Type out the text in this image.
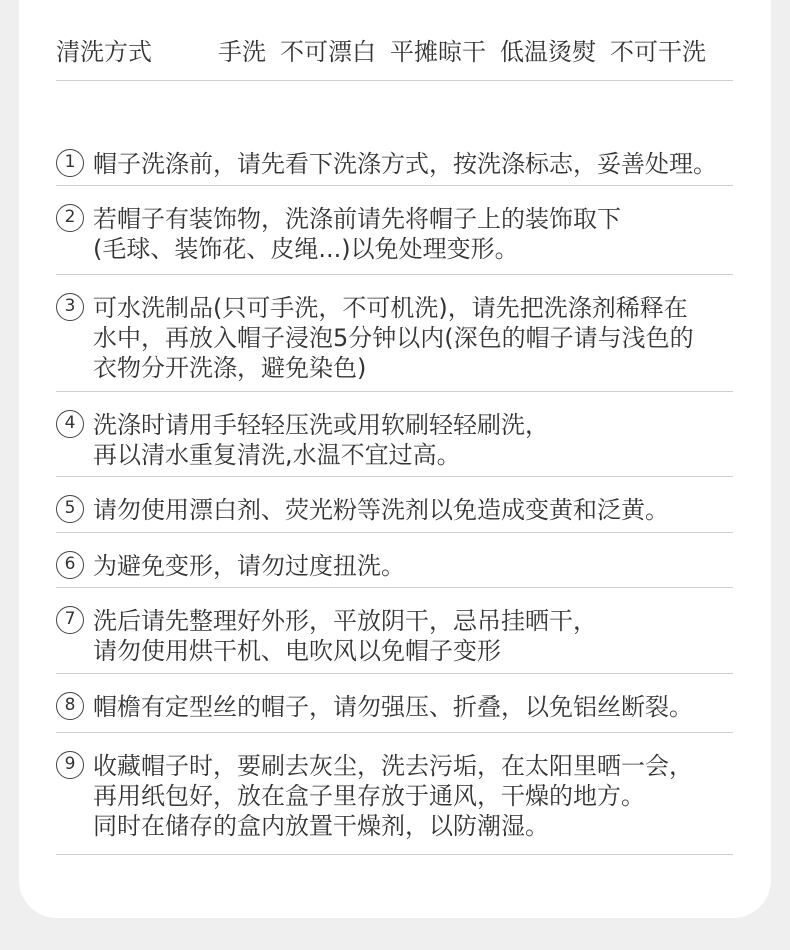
清洗方式	手洗 不可漂白 平摊晾干 低温烫熨 不可干洗
1 帽子洗涤前，请先看下洗涤方式，按洗涤标志，妥善处理。
2 若帽子有装饰物，洗涤前请先将帽子上的装饰取下
(毛球、装饰花、皮绳...)以免处理变形。
3 可水洗制品(只可手洗，不可机洗)，请先把洗涤剂稀释在
水中，再放入帽子浸泡5分钟以内(深色的帽子请与浅色的
衣物分开洗涤，避免染色)
4 洗涤时请用手轻轻压洗或用软刷轻轻刷洗，
再以清水重复清洗,水温不宜过高。
5 请勿使用漂白剂、荧光粉等洗剂以免造成变黄和泛黄。
6 为避免变形，请勿过度扭洗。
7 洗后请先整理好外形，平放阴干，忌吊挂晒干，
请勿使用烘干机、电吹风以免帽子变形
8 帽檐有定型丝的帽子，请勿强压、折叠，以免铝丝断裂。
9 收藏帽子时，要刷去灰尘，洗去污垢，在太阳里晒一会，
再用纸包好，放在盒子里存放于通风，干燥的地方。
同时在储存的盒内放置干燥剂，以防潮湿。
